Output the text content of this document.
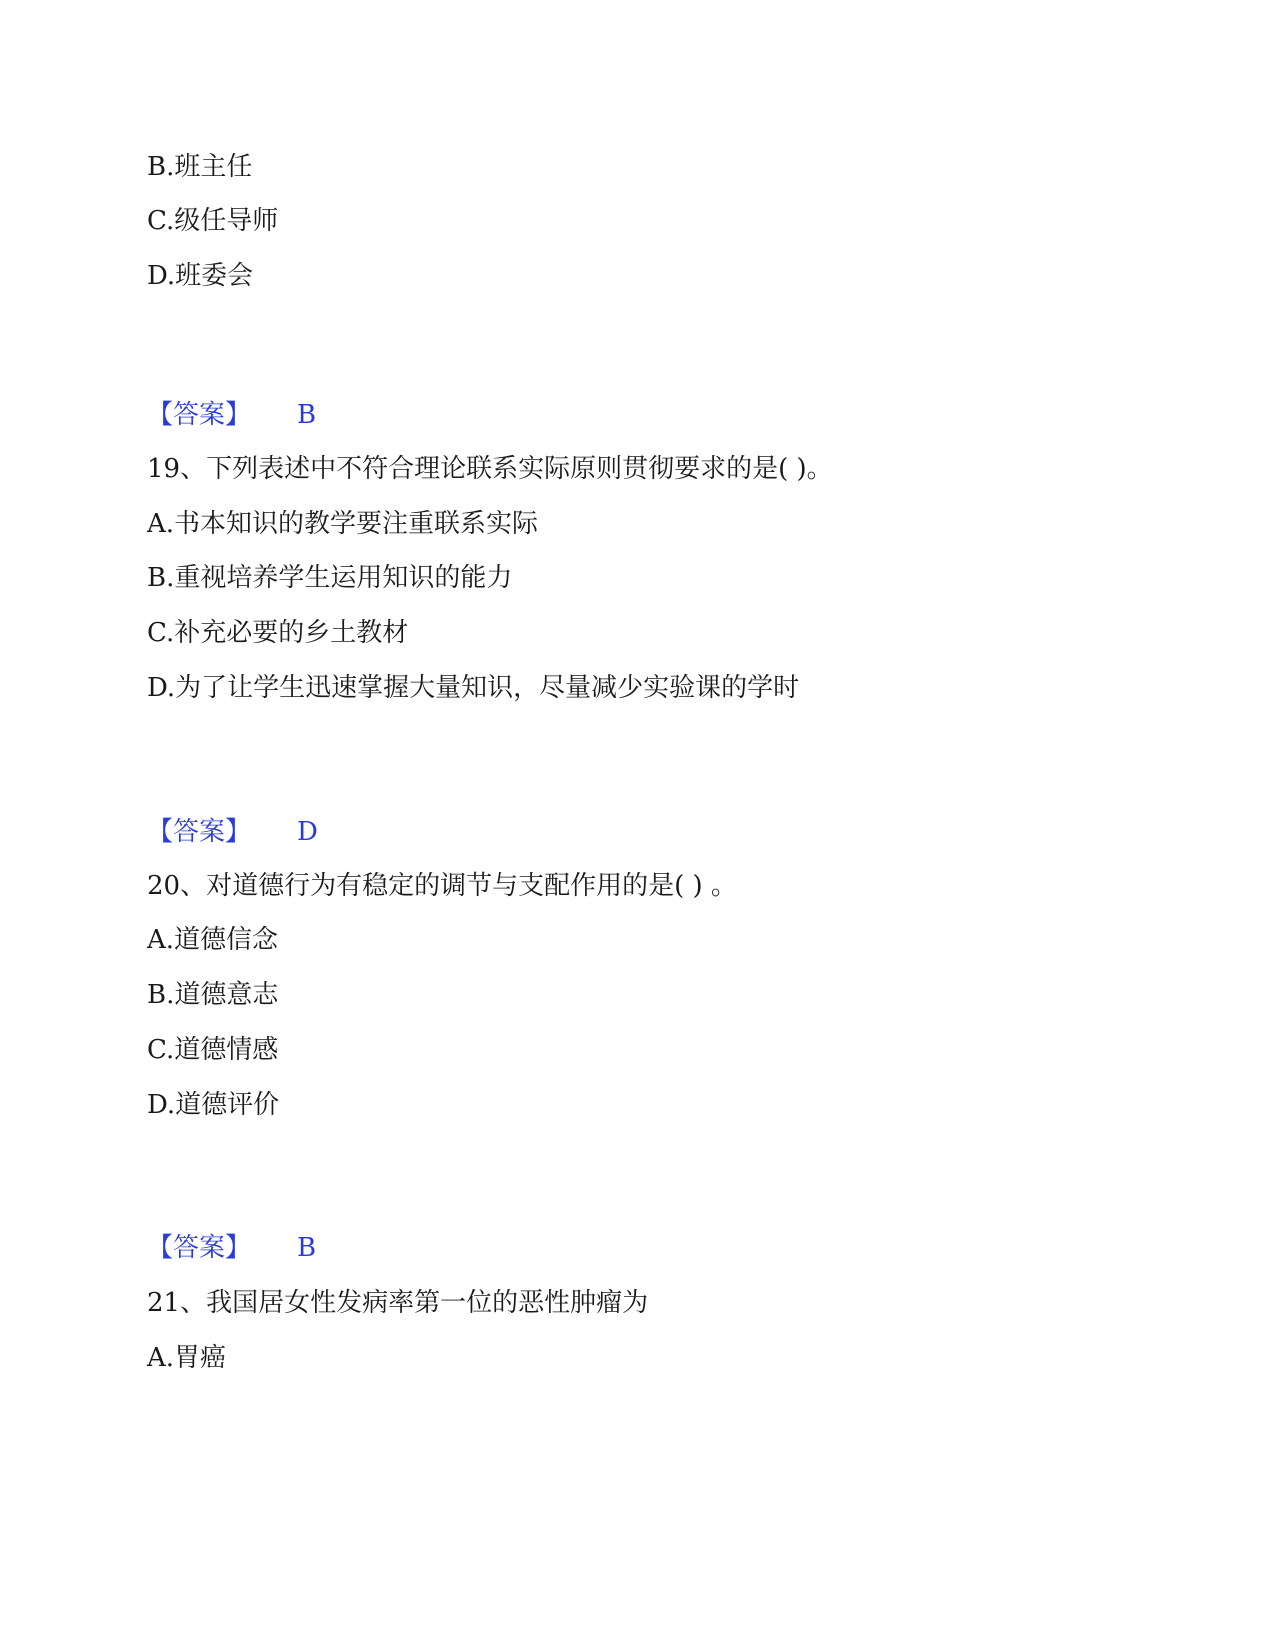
B.班主任
C.级任导师
D.班委会
【答案】 B
19、下列表述中不符合理论联系实际原则贯彻要求的是( )。
A.书本知识的教学要注重联系实际
B.重视培养学生运用知识的能力
C.补充必要的乡土教材
D.为了让学生迅速掌握大量知识，尽量减少实验课的学时
【答案】 D
20、对道德行为有稳定的调节与支配作用的是( ) 。
A.道德信念
B.道德意志
C.道德情感
D.道德评价
【答案】 B
21、我国居女性发病率第一位的恶性肿瘤为
A.胃癌
